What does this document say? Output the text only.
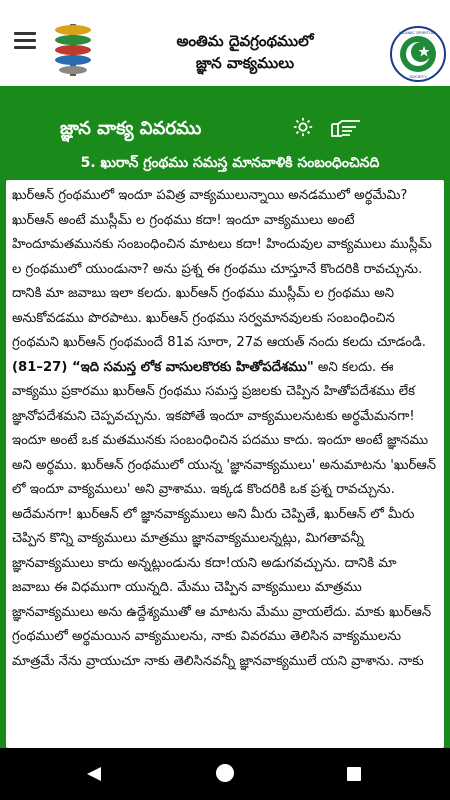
అంతిమ దైవగ్రంథములో
జ్ఞాన వాక్యములు
ISLAMIC SPIRITUAL
SOCIETY
జ్ఞాన వాక్య వివరము
5. ఖురాన్ గ్రంథము సమస్త మానవాళికి సంబంధించినది
ఖుర్ఆన్ గ్రంథములో ఇందూ పవిత్ర వాక్యములున్నాయి అనడములో అర్థమేమి? ఖుర్ఆన్ అంటే ముస్లీమ్ ల గ్రంథము కదా! ఇందూ వాక్యములు అంటే హిందూమతమునకు సంబంధించిన మాటలు కదా! హిందువుల వాక్యములు ముస్లీమ్ ల గ్రంథములో యుండునా? అను ప్రశ్న ఈ గ్రంథము చూస్తూనే కొందరికి రావచ్చును. దానికి మా జవాబు ఇలా కలదు. ఖుర్ఆన్ గ్రంథము ముస్లీమ్ ల గ్రంథము అని అనుకోవడము పొరపాటు. ఖుర్ఆన్ గ్రంథము సర్వమానవులకు సంబంధించిన గ్రంథమని ఖుర్ఆన్ గ్రంథమందే 81వ సూరా, 27వ ఆయత్ నందు కలదు చూడండి. (81–27) “ఇది సమస్త లోక వాసులకొరకు హితోపదేశము" అని కలదు. ఈ వాక్యము ప్రకారము ఖుర్ఆన్ గ్రంథము సమస్త ప్రజలకు చెప్పిన హితోపదేశము లేక జ్ఞానోపదేశమని చెప్పవచ్చును. ఇకపోతే ఇందూ వాక్యములనుటకు అర్థమేమనగా! ఇందూ అంటే ఒక మతమునకు సంబంధించిన పదము కాదు. ఇందూ అంటే జ్ఞానము అని అర్థము. ఖుర్ఆన్ గ్రంథములో యున్న 'జ్ఞానవాక్యములు' అనుమాటను 'ఖుర్ఆన్ లో ఇందూ వాక్యములు' అని వ్రాశాము. ఇక్కడ కొందరికి ఒక ప్రశ్న రావచ్చును. అదేమనగా! ఖుర్ఆన్ లో జ్ఞానవాక్యములు అని మీరు చెప్పితే, ఖుర్ఆన్ లో మీరు చెప్పిన కొన్ని వాక్యములు మాత్రము జ్ఞానవాక్యములన్నట్లు, మిగతావన్నీ జ్ఞానవాక్యములు కాదు అన్నట్లుండును కదా!యని అడుగవచ్చును. దానికి మా జవాబు ఈ విధముగా యున్నది. మేము చెప్పిన వాక్యములు మాత్రము జ్ఞానవాక్యములు అను ఉద్దేశ్యముతో ఆ మాటను మేము వ్రాయలేదు. మాకు ఖుర్ఆన్ గ్రంథములో అర్థమయిన వాక్యములను, నాకు వివరము తెలిసిన వాక్యములను మాత్రమే నేను వ్రాయుచూ నాకు తెలిసినవన్నీ జ్ఞానవాక్యములే యని వ్రాశాను. నాకు
